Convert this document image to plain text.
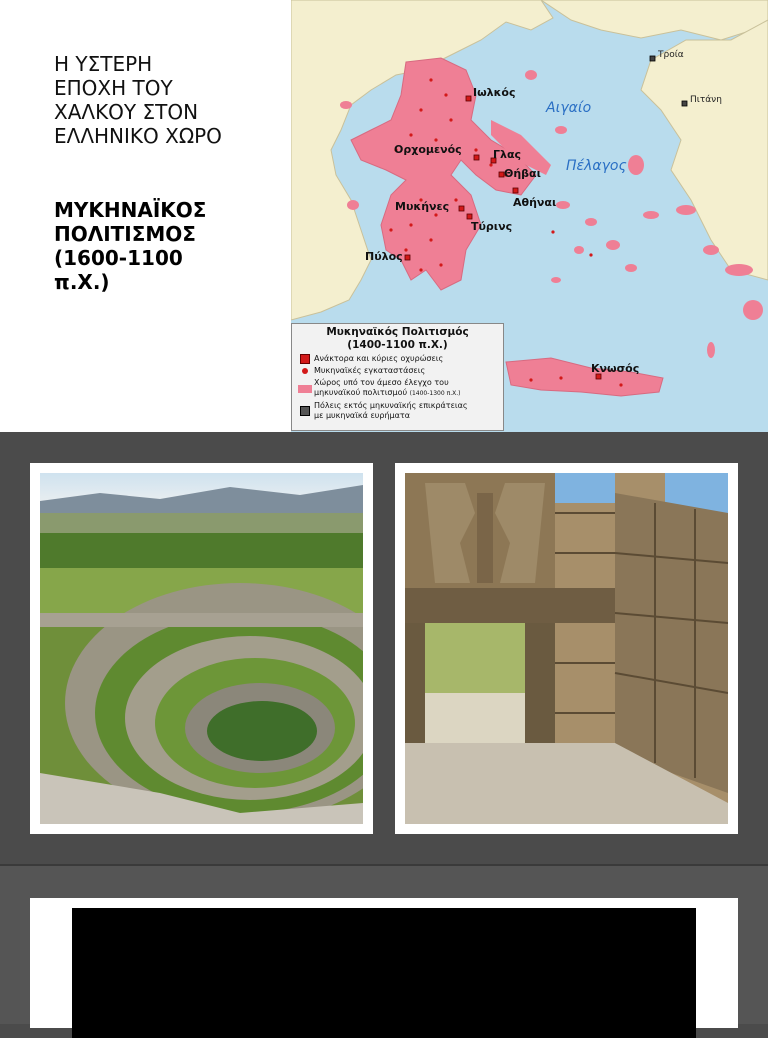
Η ΥΣΤΕΡΗ
ΕΠΟΧΗ ΤΟΥ
ΧΑΛΚΟΥ ΣΤΟΝ
ΕΛΛΗΝΙΚΟ ΧΩΡΟ
ΜΥΚΗΝΑΪΚΟΣ
ΠΟΛΙΤΙΣΜΟΣ
(1600-1100
π.Χ.)
Ιωλκός
Ορχομενός	Γλας
Θήβαι
Αθήναι
Μυκήνες
Τύρινς
Πύλος
Κνωσός
Αιγαίο
Πέλαγος
Τροία
Πιτάνη
Μυκηναϊκός Πολιτισμός
(1400-1100 π.Χ.)
Ανάκτορα και κύριες οχυρώσεις
Μυκηναϊκές εγκαταστάσεις
Χώρος υπό τον άμεσο έλεγχο του
μηκυναϊκού πολιτισμού (1400-1300 π.Χ.)
Πόλεις εκτός μηκυναϊκής επικράτειας
με μυκηναϊκά ευρήματα
